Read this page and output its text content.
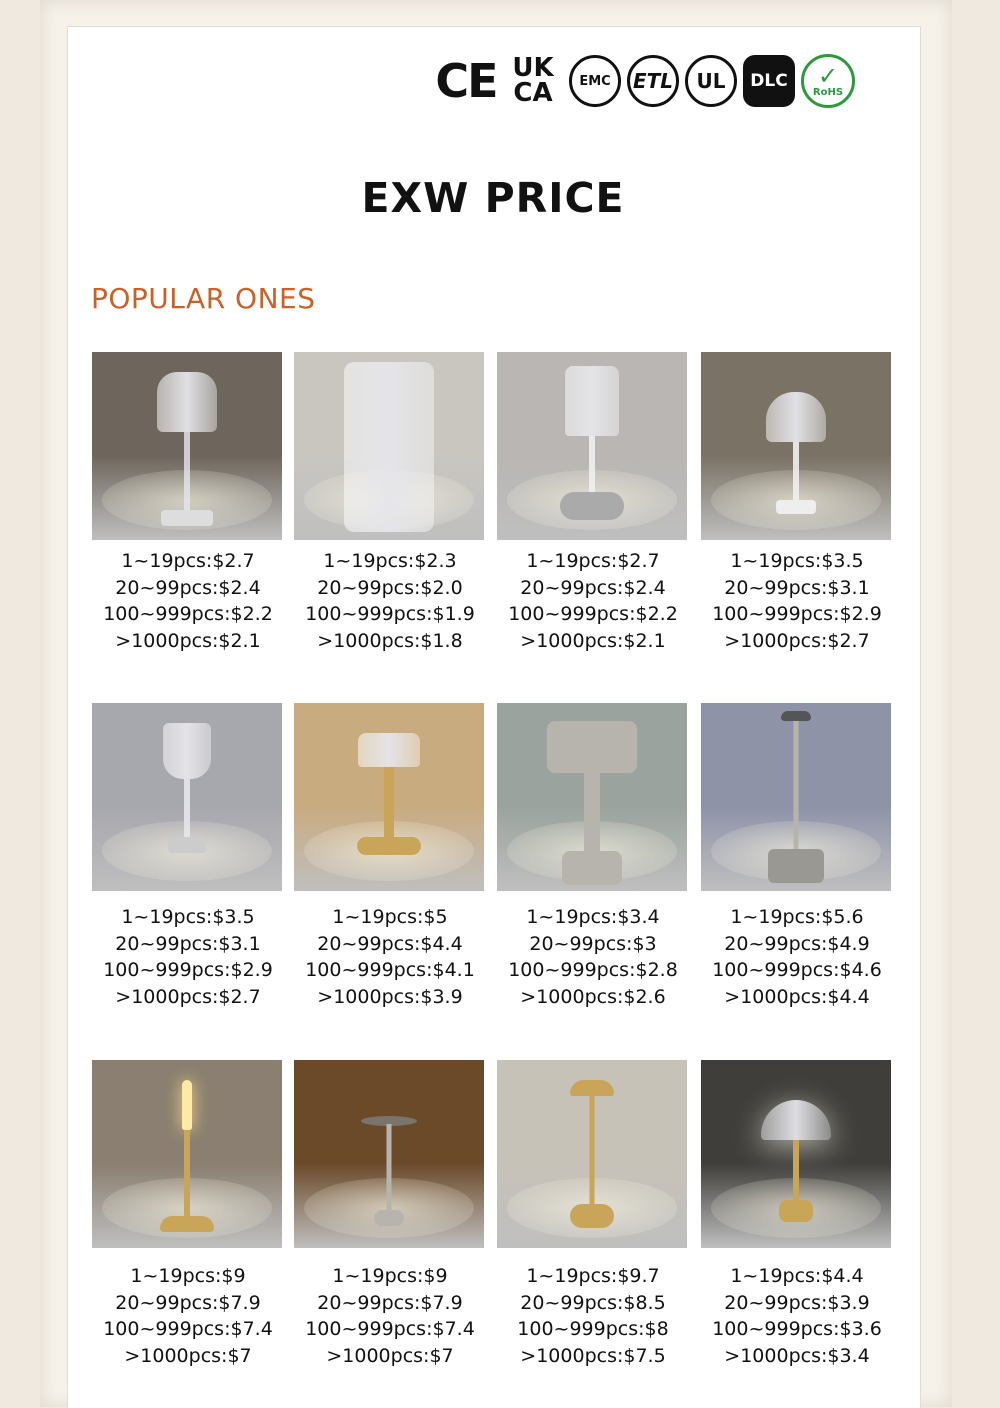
CE UK
CA	EMC	ETL	UL	DLC	✓
RoHS
EXW PRICE
POPULAR ONES
1~19pcs:$2.7
20~99pcs:$2.4
100~999pcs:$2.2
>1000pcs:$2.1
1~19pcs:$2.3
20~99pcs:$2.0
100~999pcs:$1.9
>1000pcs:$1.8
1~19pcs:$2.7
20~99pcs:$2.4
100~999pcs:$2.2
>1000pcs:$2.1
1~19pcs:$3.5
20~99pcs:$3.1
100~999pcs:$2.9
>1000pcs:$2.7
1~19pcs:$3.5
20~99pcs:$3.1
100~999pcs:$2.9
>1000pcs:$2.7
1~19pcs:$5
20~99pcs:$4.4
100~999pcs:$4.1
>1000pcs:$3.9
1~19pcs:$3.4
20~99pcs:$3
100~999pcs:$2.8
>1000pcs:$2.6
1~19pcs:$5.6
20~99pcs:$4.9
100~999pcs:$4.6
>1000pcs:$4.4
1~19pcs:$9
20~99pcs:$7.9
100~999pcs:$7.4
>1000pcs:$7
1~19pcs:$9
20~99pcs:$7.9
100~999pcs:$7.4
>1000pcs:$7
1~19pcs:$9.7
20~99pcs:$8.5
100~999pcs:$8
>1000pcs:$7.5
1~19pcs:$4.4
20~99pcs:$3.9
100~999pcs:$3.6
>1000pcs:$3.4
